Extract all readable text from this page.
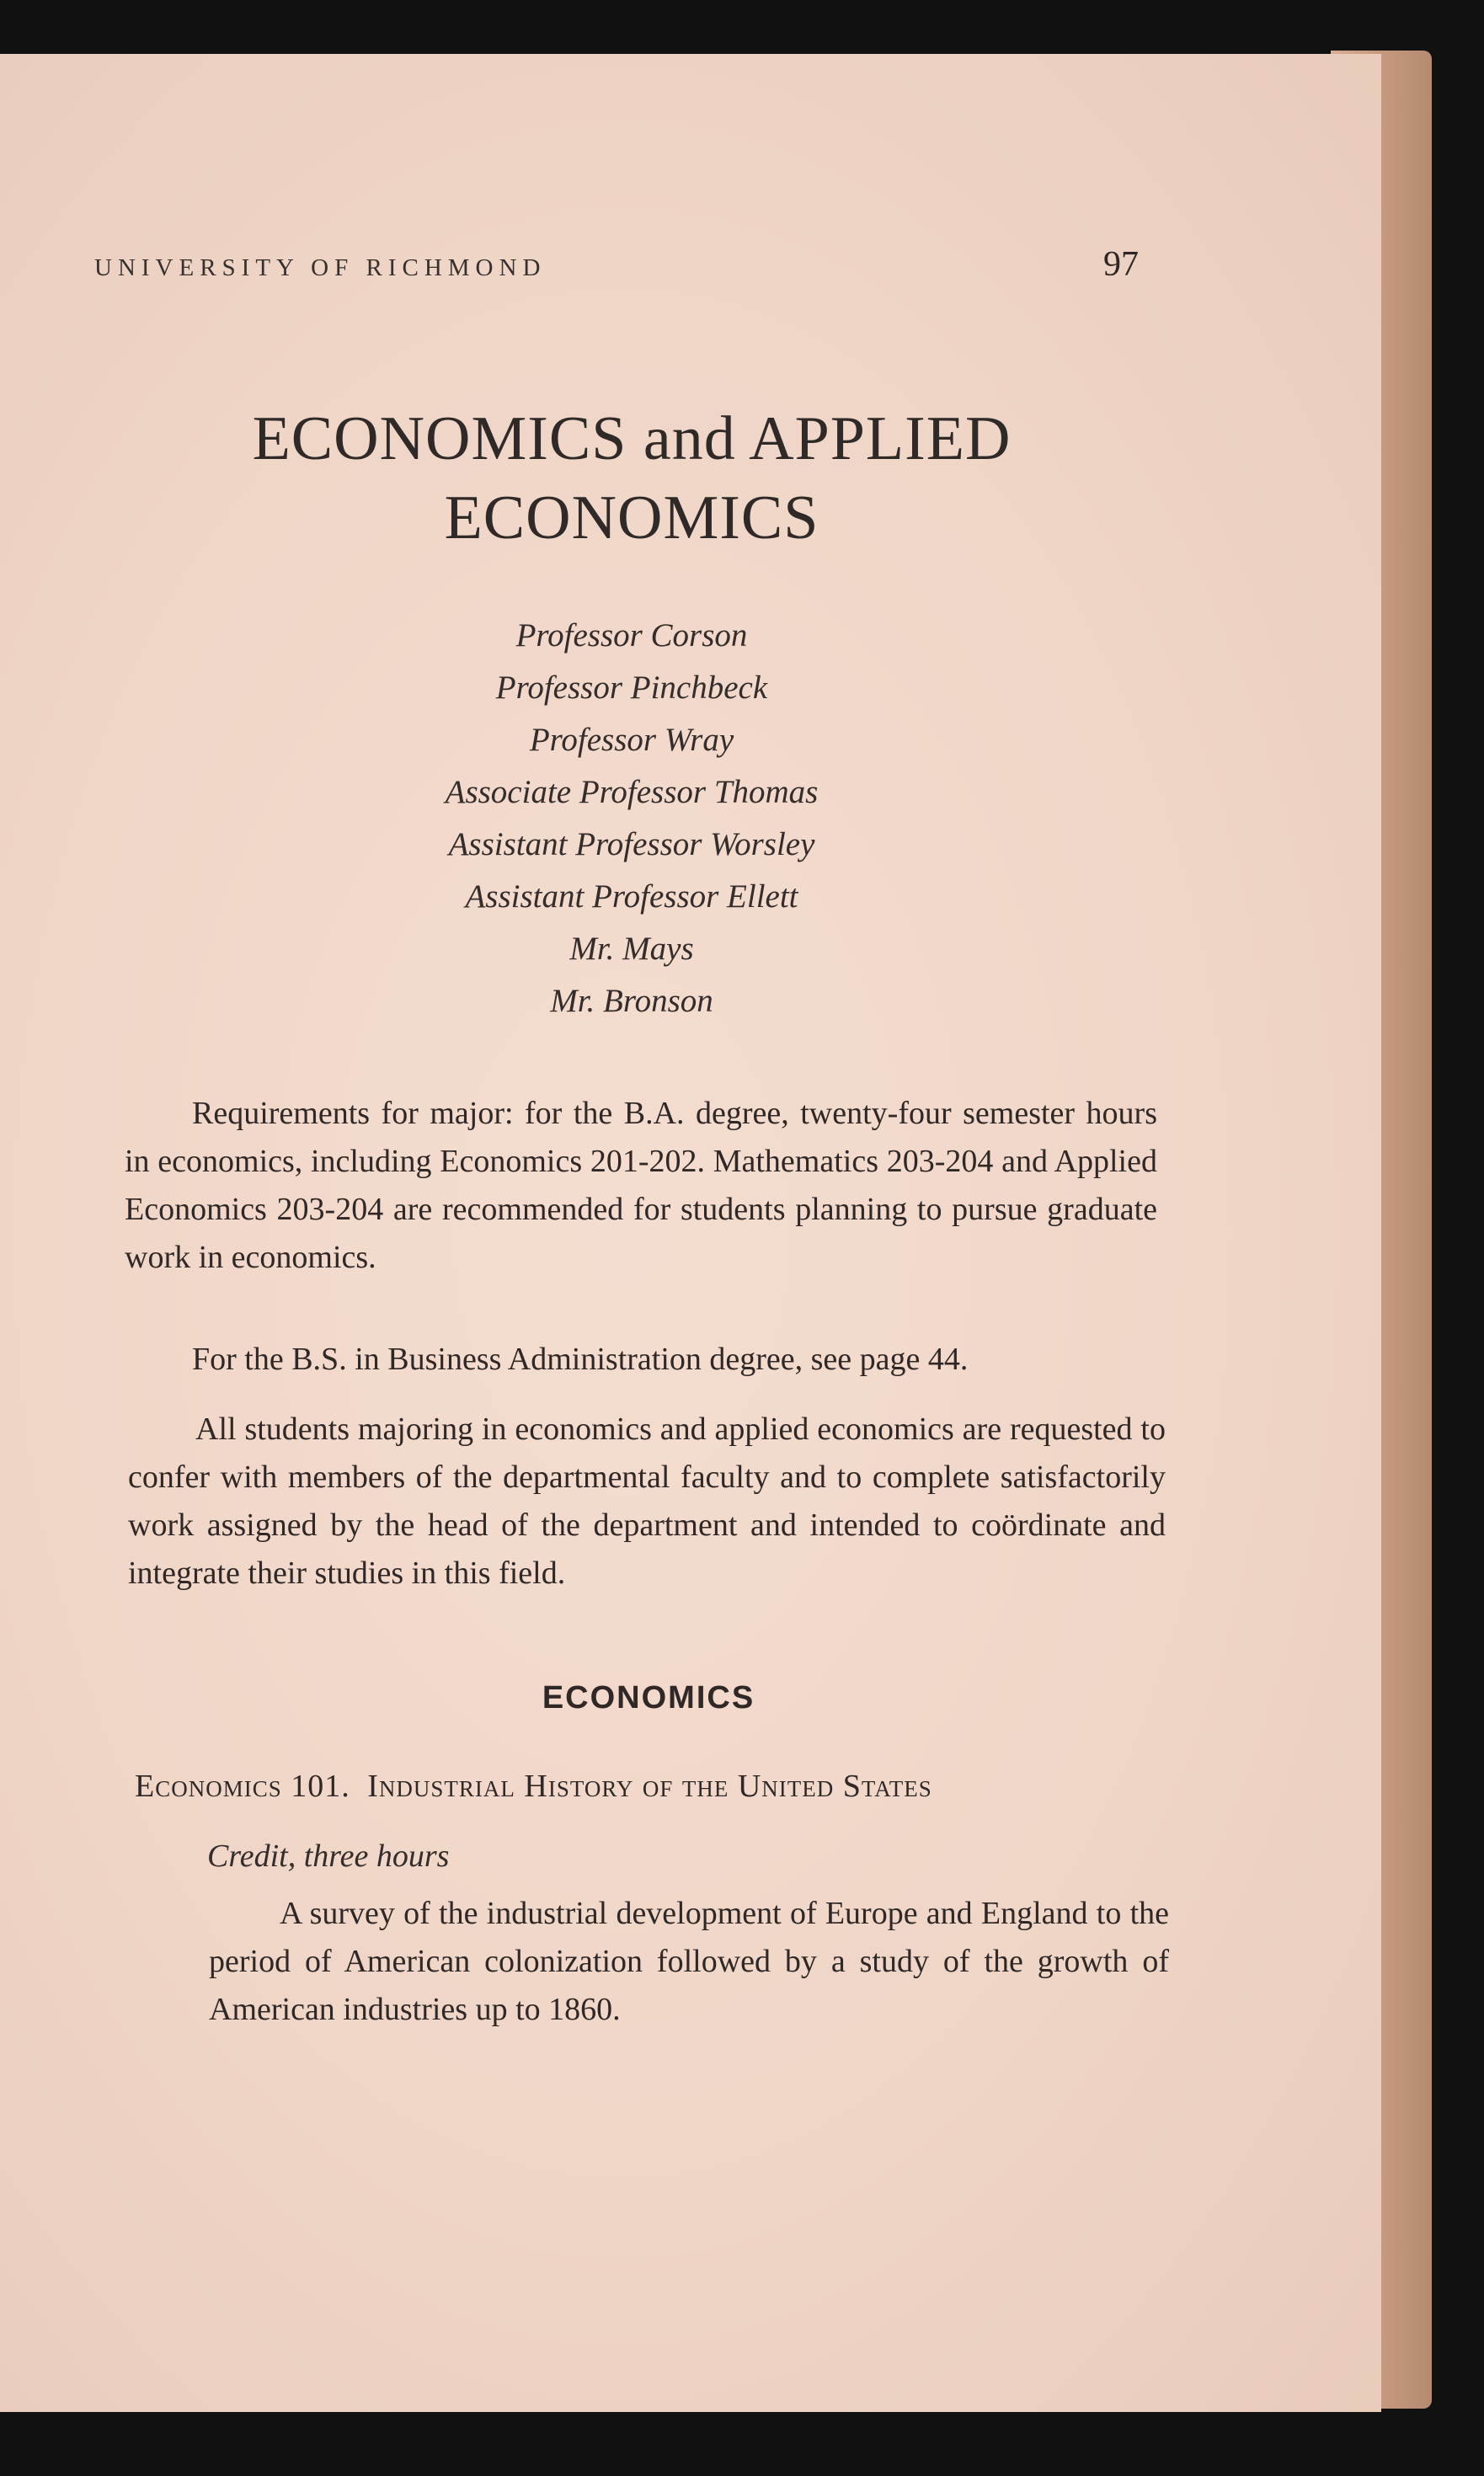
UNIVERSITY OF RICHMOND	97
ECONOMICS and APPLIED
ECONOMICS
Professor Corson
Professor Pinchbeck
Professor Wray
Associate Professor Thomas
Assistant Professor Worsley
Assistant Professor Ellett
Mr. Mays
Mr. Bronson

Requirements for major: for the B.A. degree, twenty-four semester hours in economics, including Economics 201-202. Mathematics 203-204 and Applied Economics 203-204 are recommended for students planning to pursue graduate work in economics.

For the B.S. in Business Administration degree, see page 44.

All students majoring in economics and applied economics are requested to confer with members of the departmental faculty and to complete satisfactorily work assigned by the head of the department and intended to coördinate and integrate their studies in this field.

ECONOMICS
Economics 101. Industrial History of the United States
Credit, three hours

A survey of the industrial development of Europe and England to the period of American colonization followed by a study of the growth of American industries up to 1860.
